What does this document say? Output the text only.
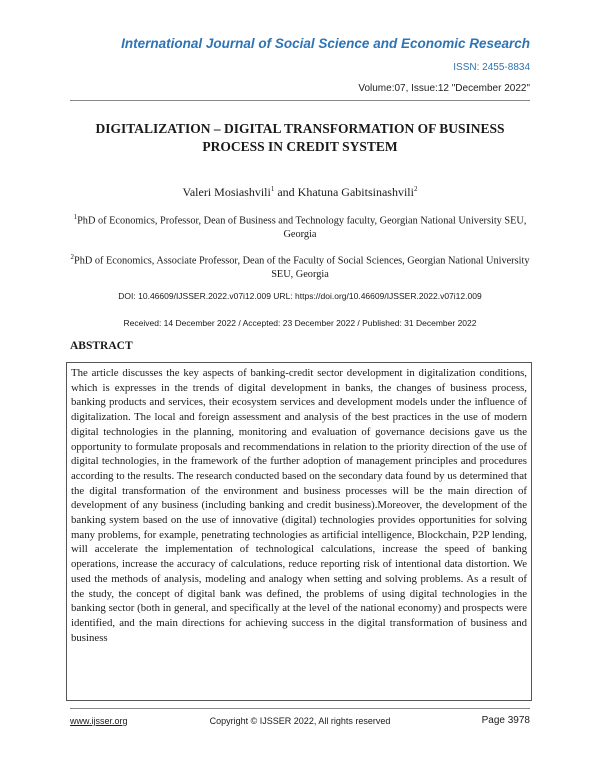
International Journal of Social Science and Economic Research
ISSN: 2455-8834
Volume:07, Issue:12 "December 2022"
DIGITALIZATION – DIGITAL TRANSFORMATION OF BUSINESS
PROCESS IN CREDIT SYSTEM
Valeri Mosiashvili$^1$ and Khatuna Gabitsinashvili$^2$
$^1$PhD of Economics, Professor, Dean of Business and Technology faculty, Georgian National University SEU, Georgia
$^2$PhD of Economics, Associate Professor, Dean of the Faculty of Social Sciences, Georgian National University SEU, Georgia
DOI: 10.46609/IJSSER.2022.v07i12.009 URL: https://doi.org/10.46609/IJSSER.2022.v07i12.009
Received: 14 December 2022 / Accepted: 23 December 2022 / Published: 31 December 2022
ABSTRACT

The article discusses the key aspects of banking-credit sector development in digitalization conditions, which is expresses in the trends of digital development in banks, the changes of business process, banking products and services, their ecosystem services and development models under the influence of digitalization. The local and foreign assessment and analysis of the best practices in the use of modern digital technologies in the planning, monitoring and evaluation of governance decisions gave us the opportunity to formulate proposals and recommendations in relation to the priority direction of the use of digital technologies, in the framework of the further adoption of management principles and procedures according to the results. The research conducted based on the secondary data found by us determined that the digital transformation of the environment and business processes will be the main direction of development of any business (including banking and credit business).Moreover, the development of the banking system based on the use of innovative (digital) technologies provides opportunities for solving many problems, for example, penetrating technologies as artificial intelligence, Blockchain, P2P lending, will accelerate the implementation of technological calculations, increase the speed of banking operations, increase the accuracy of calculations, reduce reporting risk of intentional data distortion. We used the methods of analysis, modeling and analogy when setting and solving problems. As a result of the study, the concept of digital bank was defined, the problems of using digital technologies in the banking sector (both in general, and specifically at the level of the national economy) and prospects were identified, and the main directions for achieving success in the digital transformation of business and business

Copyright © IJSSER 2022, All rights reserved
www.ijsser.org	Page 3978
